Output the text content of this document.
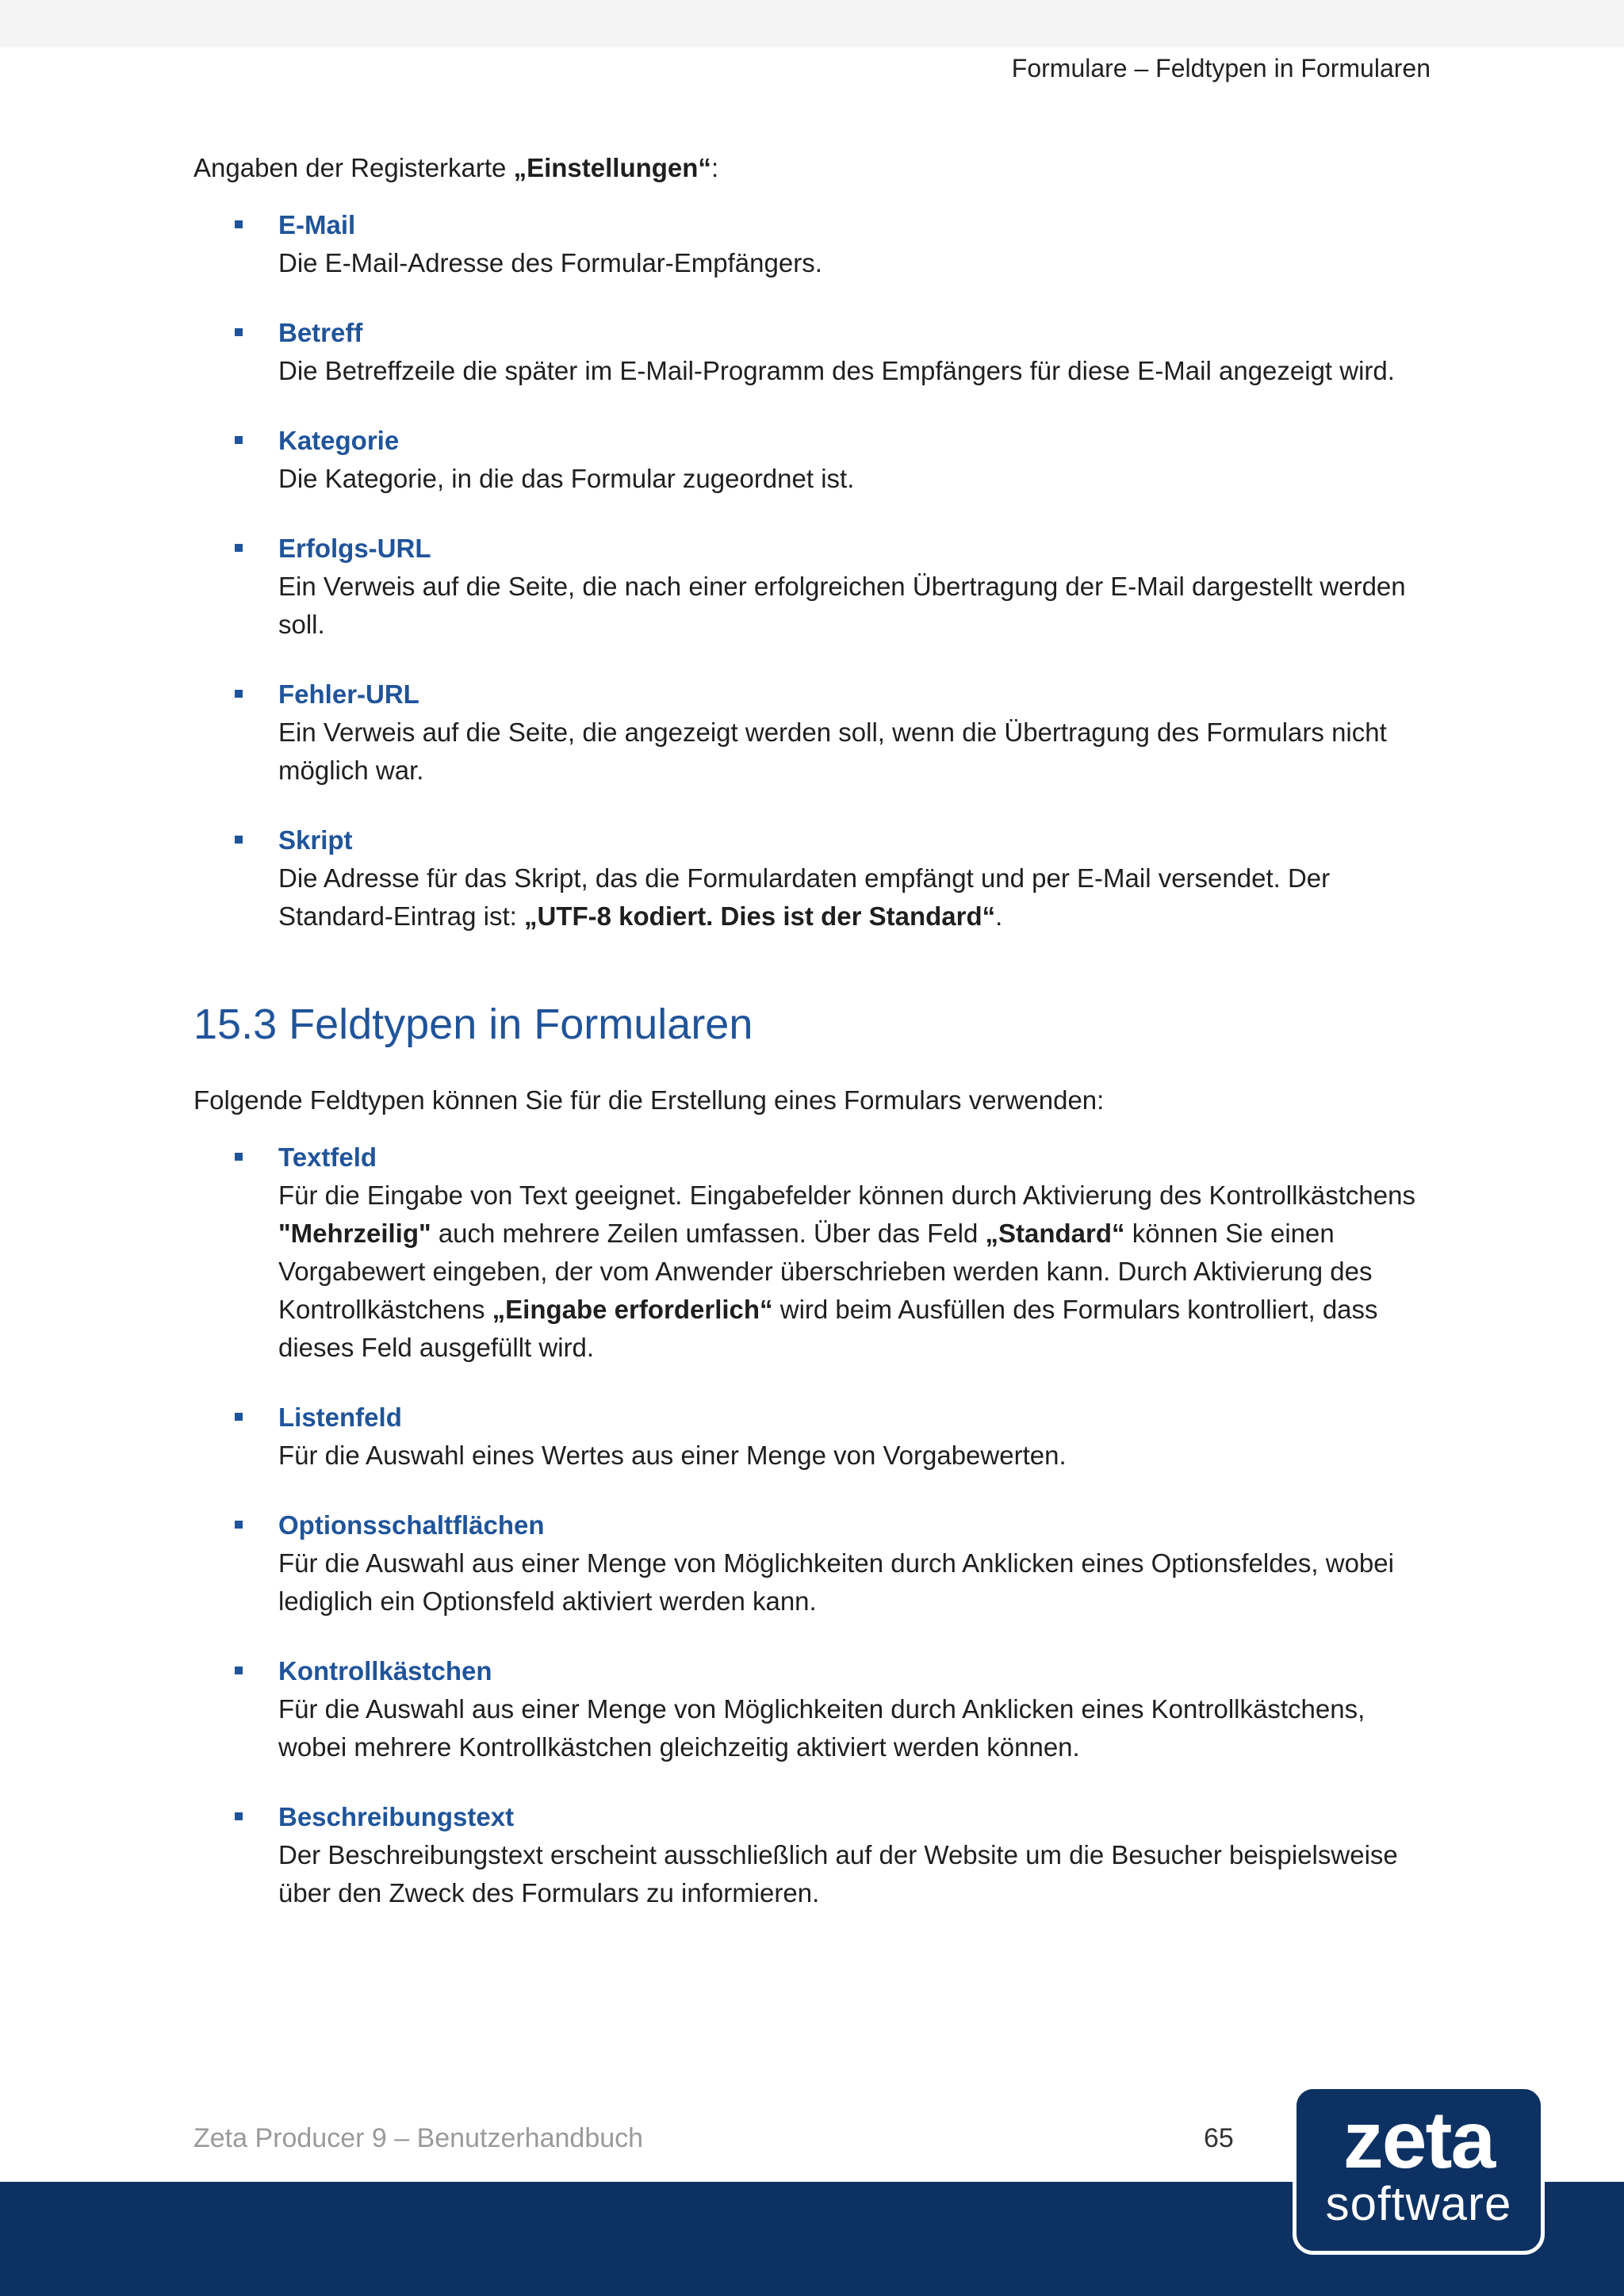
Formulare – Feldtypen in Formularen

Angaben der Registerkarte „Einstellungen“:

E-Mail
Die E-Mail-Adresse des Formular-Empfängers.
Betreff
Die Betreffzeile die später im E-Mail-Programm des Empfängers für diese E-Mail angezeigt wird.
Kategorie
Die Kategorie, in die das Formular zugeordnet ist.
Erfolgs-URL
Ein Verweis auf die Seite, die nach einer erfolgreichen Übertragung der E-Mail dargestellt werden soll.
Fehler-URL
Ein Verweis auf die Seite, die angezeigt werden soll, wenn die Übertragung des Formulars nicht möglich war.
Skript
Die Adresse für das Skript, das die Formulardaten empfängt und per E-Mail versendet. Der Standard-Eintrag ist: „UTF-8 kodiert. Dies ist der Standard“.
15.3 Feldtypen in Formularen

Folgende Feldtypen können Sie für die Erstellung eines Formulars verwenden:

Textfeld
Für die Eingabe von Text geeignet. Eingabefelder können durch Aktivierung des Kontrollkästchens "Mehrzeilig" auch mehrere Zeilen umfassen. Über das Feld „Standard“ können Sie einen Vorgabewert eingeben, der vom Anwender überschrieben werden kann. Durch Aktivierung des Kontrollkästchens „Eingabe erforderlich“ wird beim Ausfüllen des Formulars kontrolliert, dass dieses Feld ausgefüllt wird.
Listenfeld
Für die Auswahl eines Wertes aus einer Menge von Vorgabewerten.
Optionsschaltflächen
Für die Auswahl aus einer Menge von Möglichkeiten durch Anklicken eines Optionsfeldes, wobei lediglich ein Optionsfeld aktiviert werden kann.
Kontrollkästchen
Für die Auswahl aus einer Menge von Möglichkeiten durch Anklicken eines Kontrollkästchens, wobei mehrere Kontrollkästchen gleichzeitig aktiviert werden können.
Beschreibungstext
Der Beschreibungstext erscheint ausschließlich auf der Website um die Besucher beispielsweise über den Zweck des Formulars zu informieren.
Zeta Producer 9 – Benutzerhandbuch	65	zeta
software
